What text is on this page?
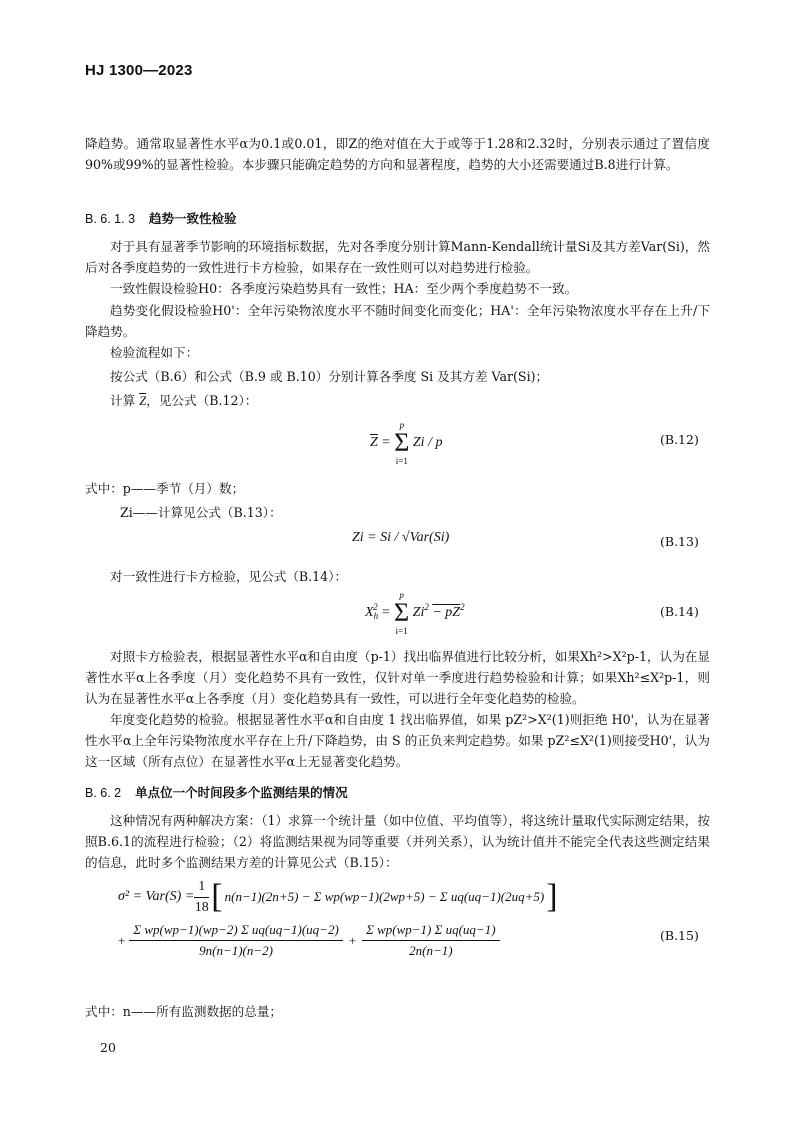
HJ 1300—2023
降趋势。通常取显著性水平α为0.1或0.01，即Z的绝对值在大于或等于1.28和2.32时，分别表示通过了置信度90%或99%的显著性检验。本步骤只能确定趋势的方向和显著程度，趋势的大小还需要通过B.8进行计算。
B. 6. 1. 3 趋势一致性检验
对于具有显著季节影响的环境指标数据，先对各季度分别计算Mann-Kendall统计量Si及其方差Var(Si)，然后对各季度趋势的一致性进行卡方检验，如果存在一致性则可以对趋势进行检验。
一致性假设检验H0：各季度污染趋势具有一致性；HA：至少两个季度趋势不一致。
趋势变化假设检验H0'：全年污染物浓度水平不随时间变化而变化；HA'：全年污染物浓度水平存在上升/下降趋势。
检验流程如下：
按公式（B.6）和公式（B.9 或 B.10）分别计算各季度 Si 及其方差 Var(Si)；
计算 $\overline{Z}$，见公式（B.12）：
$\overline{Z}$ =
p
Σ
i=1
Zi / p	(B.12)
式中：p——季节（月）数；
Zi——计算见公式（B.13）：
Zi = Si / √Var(Si)	(B.13)
对一致性进行卡方检验，见公式（B.14）：
$X_h^2$ =
p
Σ
i=1
$Zi^2 - pZ^2$	(B.14)
对照卡方检验表，根据显著性水平α和自由度（p-1）找出临界值进行比较分析，如果Xh²>X²p-1，认为在显著性水平α上各季度（月）变化趋势不具有一致性，仅针对单一季度进行趋势检验和计算；如果Xh²≤X²p-1，则认为在显著性水平α上各季度（月）变化趋势具有一致性，可以进行全年变化趋势的检验。
年度变化趋势的检验。根据显著性水平α和自由度 1 找出临界值，如果 pZ²>X²(1)则拒绝 H0'，认为在显著性水平α上全年污染物浓度水平存在上升/下降趋势，由 S 的正负来判定趋势。如果 pZ²≤X²(1)则接受H0'，认为这一区域（所有点位）在显著性水平α上无显著变化趋势。
B. 6. 2 单点位一个时间段多个监测结果的情况
这种情况有两种解决方案：（1）求算一个统计量（如中位值、平均值等），将这统计量取代实际测定结果，按照B.6.1的流程进行检验；（2）将监测结果视为同等重要（并列关系），认为统计值并不能完全代表这些测定结果的信息，此时多个监测结果方差的计算见公式（B.15）：
$\sigma^2 = Var(S) = \frac{1}{18}$ [ n(n−1)(2n+5) − Σ wp(wp−1)(2wp+5) − Σ uq(uq−1)(2uq+5) ]
+ $\frac{\text{Σ wp(wp−1)(wp−2) Σ uq(uq−1)(uq−2)}}{9n(n-1)(n-2)} + \frac{\text{Σ wp(wp−1) Σ uq(uq−1)}}{2n(n-1)}$	(B.15)
式中：n——所有监测数据的总量；
20
